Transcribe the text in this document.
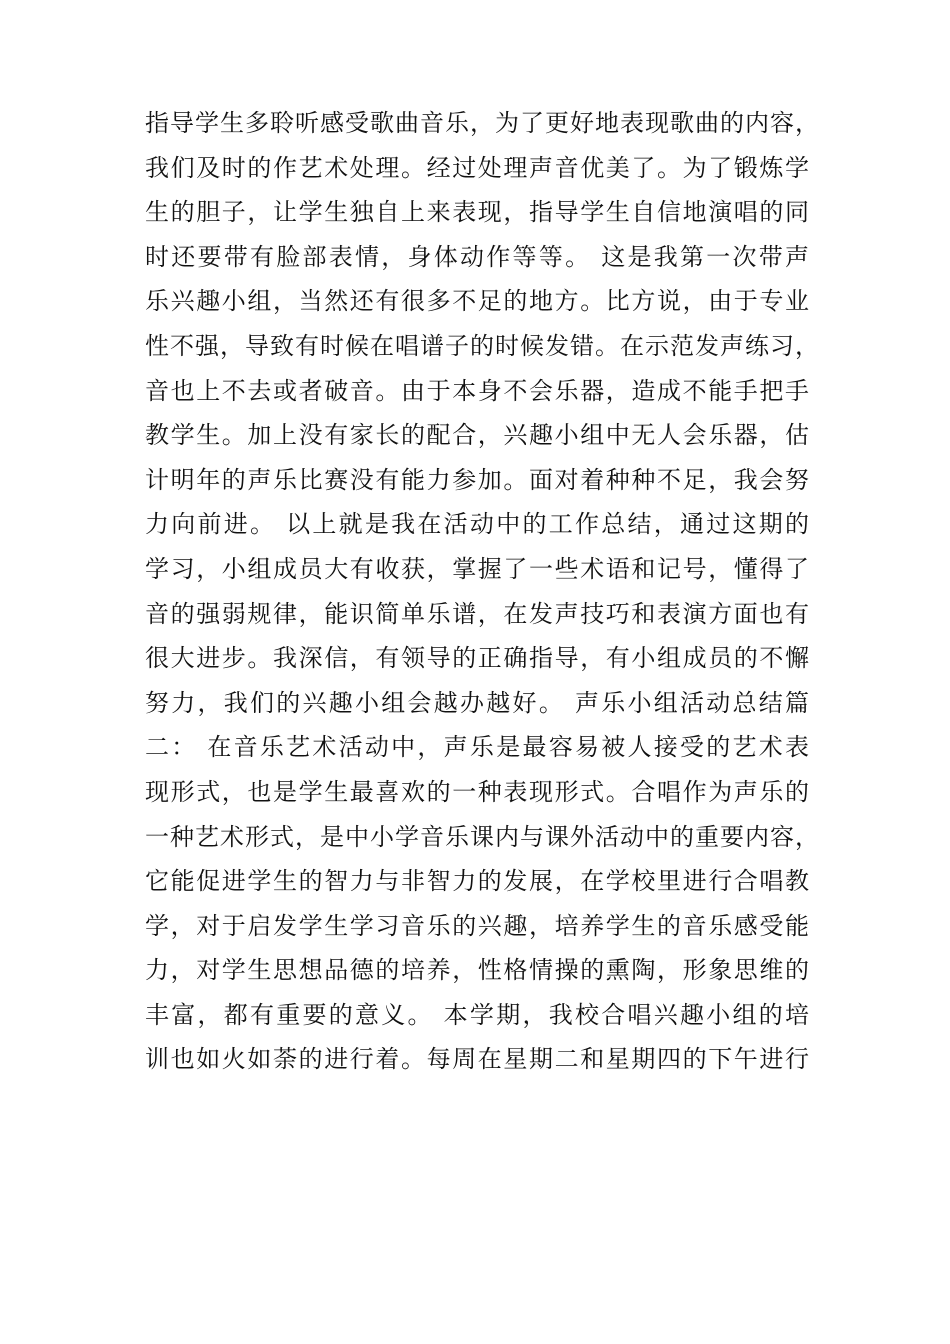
指导学生多聆听感受歌曲音乐，为了更好地表现歌曲的内容，
我们及时的作艺术处理。经过处理声音优美了。为了锻炼学
生的胆子，让学生独自上来表现，指导学生自信地演唱的同
时还要带有脸部表情，身体动作等等。 这是我第一次带声
乐兴趣小组，当然还有很多不足的地方。比方说，由于专业
性不强，导致有时候在唱谱子的时候发错。在示范发声练习，
音也上不去或者破音。由于本身不会乐器，造成不能手把手
教学生。加上没有家长的配合，兴趣小组中无人会乐器，估
计明年的声乐比赛没有能力参加。面对着种种不足，我会努
力向前进。 以上就是我在活动中的工作总结，通过这期的
学习，小组成员大有收获，掌握了一些术语和记号，懂得了
音的强弱规律，能识简单乐谱，在发声技巧和表演方面也有
很大进步。我深信，有领导的正确指导，有小组成员的不懈
努力，我们的兴趣小组会越办越好。 声乐小组活动总结篇
二： 在音乐艺术活动中，声乐是最容易被人接受的艺术表
现形式，也是学生最喜欢的一种表现形式。合唱作为声乐的
一种艺术形式，是中小学音乐课内与课外活动中的重要内容，
它能促进学生的智力与非智力的发展，在学校里进行合唱教
学，对于启发学生学习音乐的兴趣，培养学生的音乐感受能
力，对学生思想品德的培养，性格情操的熏陶，形象思维的
丰富，都有重要的意义。 本学期，我校合唱兴趣小组的培
训也如火如荼的进行着。每周在星期二和星期四的下午进行
